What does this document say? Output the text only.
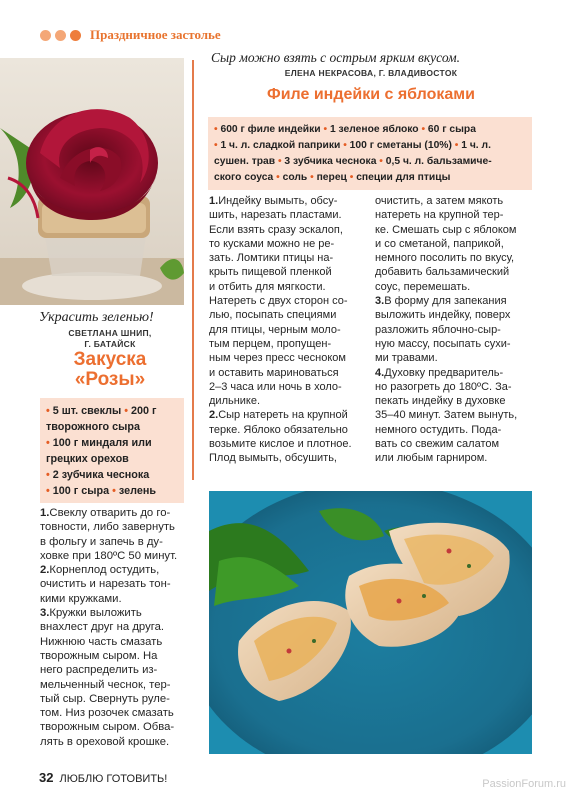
Праздничное застолье
Украсить зеленью!
СВЕТЛАНА ШНИП,
Г. БАТАЙСК
Закуска
«Розы»
• 5 шт. свеклы • 200 г
творожного сыра
• 100 г миндаля или
грецких орехов
• 2 зубчика чеснока
• 100 г сыра • зелень
1.Свеклу отварить до го-
товности, либо завернуть
в фольгу и запечь в ду-
ховке при 180ºС 50 минут.
2.Корнеплод остудить,
очистить и нарезать тон-
кими кружками.
3.Кружки выложить
внахлест друг на друга.
Нижнюю часть смазать
творожным сыром. На
него распределить из-
мельченный чеснок, тер-
тый сыр. Свернуть руле-
том. Низ розочек смазать
творожным сыром. Обва-
лять в ореховой крошке.
Сыр можно взять с острым ярким вкусом.
ЕЛЕНА НЕКРАСОВА, Г. ВЛАДИВОСТОК
Филе индейки с яблоками
• 600 г филе индейки • 1 зеленое яблоко • 60 г сыра
• 1 ч. л. сладкой паприки • 100 г сметаны (10%) • 1 ч. л.
сушен. трав • 3 зубчика чеснока • 0,5 ч. л. бальзамиче-
ского соуса • соль • перец • специи для птицы
1.Индейку вымыть, обсу-
шить, нарезать пластами.
Если взять сразу эскалоп,
то кусками можно не ре-
зать. Ломтики птицы на-
крыть пищевой пленкой
и отбить для мягкости.
Натереть с двух сторон со-
лью, посыпать специями
для птицы, черным моло-
тым перцем, пропущен-
ным через пресс чесноком
и оставить мариноваться
2–3 часа или ночь в холо-
дильнике.
2.Сыр натереть на крупной
терке. Яблоко обязательно
возьмите кислое и плотное.
Плод вымыть, обсушить,
очистить, а затем мякоть
натереть на крупной тер-
ке. Смешать сыр с яблоком
и со сметаной, паприкой,
немного посолить по вкусу,
добавить бальзамический
соус, перемешать.
3.В форму для запекания
выложить индейку, поверх
разложить яблочно-сыр-
ную массу, посыпать сухи-
ми травами.
4.Духовку предваритель-
но разогреть до 180ºС. За-
пекать индейку в духовке
35–40 минут. Затем вынуть,
немного остудить. Пода-
вать со свежим салатом
или любым гарниром.
32 ЛЮБЛЮ ГОТОВИТЬ!	PassionForum.ru
